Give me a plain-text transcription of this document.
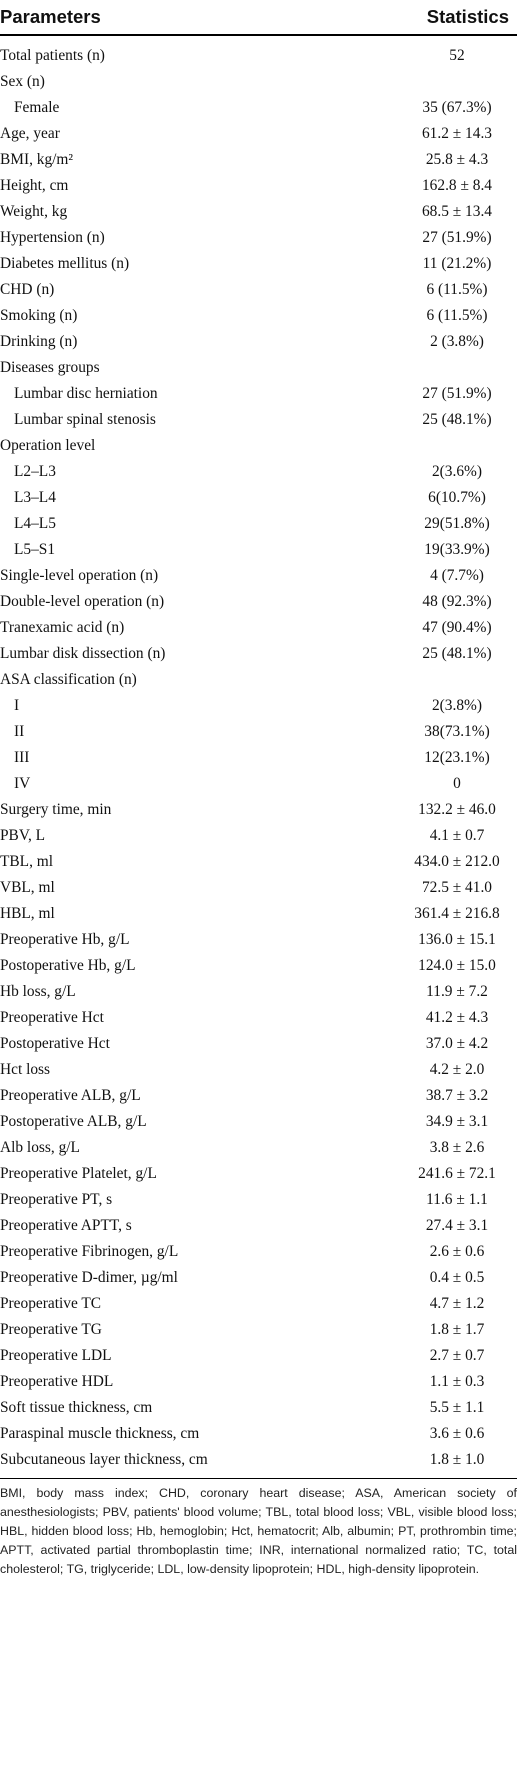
Parameters	Statistics
Total patients (n)	52
Sex (n)	
Female	35 (67.3%)
Age, year	61.2 ± 14.3
BMI, kg/m²	25.8 ± 4.3
Height, cm	162.8 ± 8.4
Weight, kg	68.5 ± 13.4
Hypertension (n)	27 (51.9%)
Diabetes mellitus (n)	11 (21.2%)
CHD (n)	6 (11.5%)
Smoking (n)	6 (11.5%)
Drinking (n)	2 (3.8%)
Diseases groups	
Lumbar disc herniation	27 (51.9%)
Lumbar spinal stenosis	25 (48.1%)
Operation level	
L2–L3	2(3.6%)
L3–L4	6(10.7%)
L4–L5	29(51.8%)
L5–S1	19(33.9%)
Single-level operation (n)	4 (7.7%)
Double-level operation (n)	48 (92.3%)
Tranexamic acid (n)	47 (90.4%)
Lumbar disk dissection (n)	25 (48.1%)
ASA classification (n)	
I	2(3.8%)
II	38(73.1%)
III	12(23.1%)
IV	0
Surgery time, min	132.2 ± 46.0
PBV, L	4.1 ± 0.7
TBL, ml	434.0 ± 212.0
VBL, ml	72.5 ± 41.0
HBL, ml	361.4 ± 216.8
Preoperative Hb, g/L	136.0 ± 15.1
Postoperative Hb, g/L	124.0 ± 15.0
Hb loss, g/L	11.9 ± 7.2
Preoperative Hct	41.2 ± 4.3
Postoperative Hct	37.0 ± 4.2
Hct loss	4.2 ± 2.0
Preoperative ALB, g/L	38.7 ± 3.2
Postoperative ALB, g/L	34.9 ± 3.1
Alb loss, g/L	3.8 ± 2.6
Preoperative Platelet, g/L	241.6 ± 72.1
Preoperative PT, s	11.6 ± 1.1
Preoperative APTT, s	27.4 ± 3.1
Preoperative Fibrinogen, g/L	2.6 ± 0.6
Preoperative D-dimer, µg/ml	0.4 ± 0.5
Preoperative TC	4.7 ± 1.2
Preoperative TG	1.8 ± 1.7
Preoperative LDL	2.7 ± 0.7
Preoperative HDL	1.1 ± 0.3
Soft tissue thickness, cm	5.5 ± 1.1
Paraspinal muscle thickness, cm	3.6 ± 0.6
Subcutaneous layer thickness, cm	1.8 ± 1.0
BMI, body mass index; CHD, coronary heart disease; ASA, American society of anesthesiologists; PBV, patients' blood volume; TBL, total blood loss; VBL, visible blood loss; HBL, hidden blood loss; Hb, hemoglobin; Hct, hematocrit; Alb, albumin; PT, prothrombin time; APTT, activated partial thromboplastin time; INR, international normalized ratio; TC, total cholesterol; TG, triglyceride; LDL, low-density lipoprotein; HDL, high-density lipoprotein.
